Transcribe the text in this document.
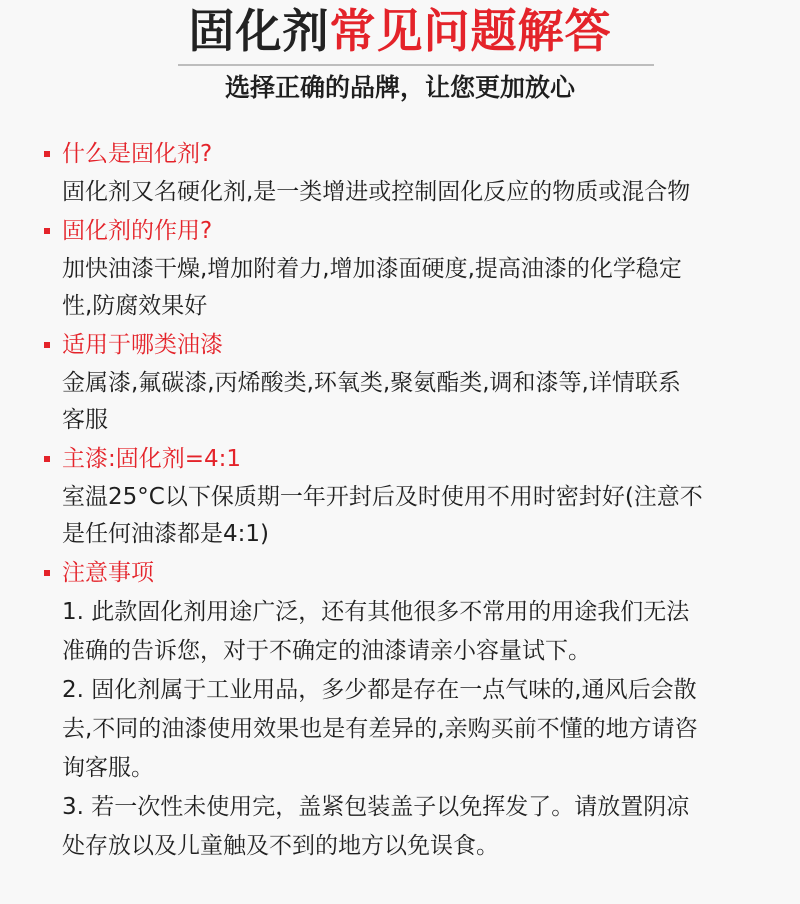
固化剂常见问题解答
选择正确的品牌，让您更加放心
什么是固化剂?
固化剂又名硬化剂,是一类增进或控制固化反应的物质或混合物
固化剂的作用?
加快油漆干燥,增加附着力,增加漆面硬度,提高油漆的化学稳定
性,防腐效果好
适用于哪类油漆
金属漆,氟碳漆,丙烯酸类,环氧类,聚氨酯类,调和漆等,详情联系
客服
主漆:固化剂=4:1
室温25°C以下保质期一年开封后及时使用不用时密封好(注意不
是任何油漆都是4:1)
注意事项
1. 此款固化剂用途广泛，还有其他很多不常用的用途我们无法
准确的告诉您，对于不确定的油漆请亲小容量试下。
2. 固化剂属于工业用品，多少都是存在一点气味的,通风后会散
去,不同的油漆使用效果也是有差异的,亲购买前不懂的地方请咨
询客服。
3. 若一次性未使用完，盖紧包装盖子以免挥发了。请放置阴凉
处存放以及儿童触及不到的地方以免误食。
